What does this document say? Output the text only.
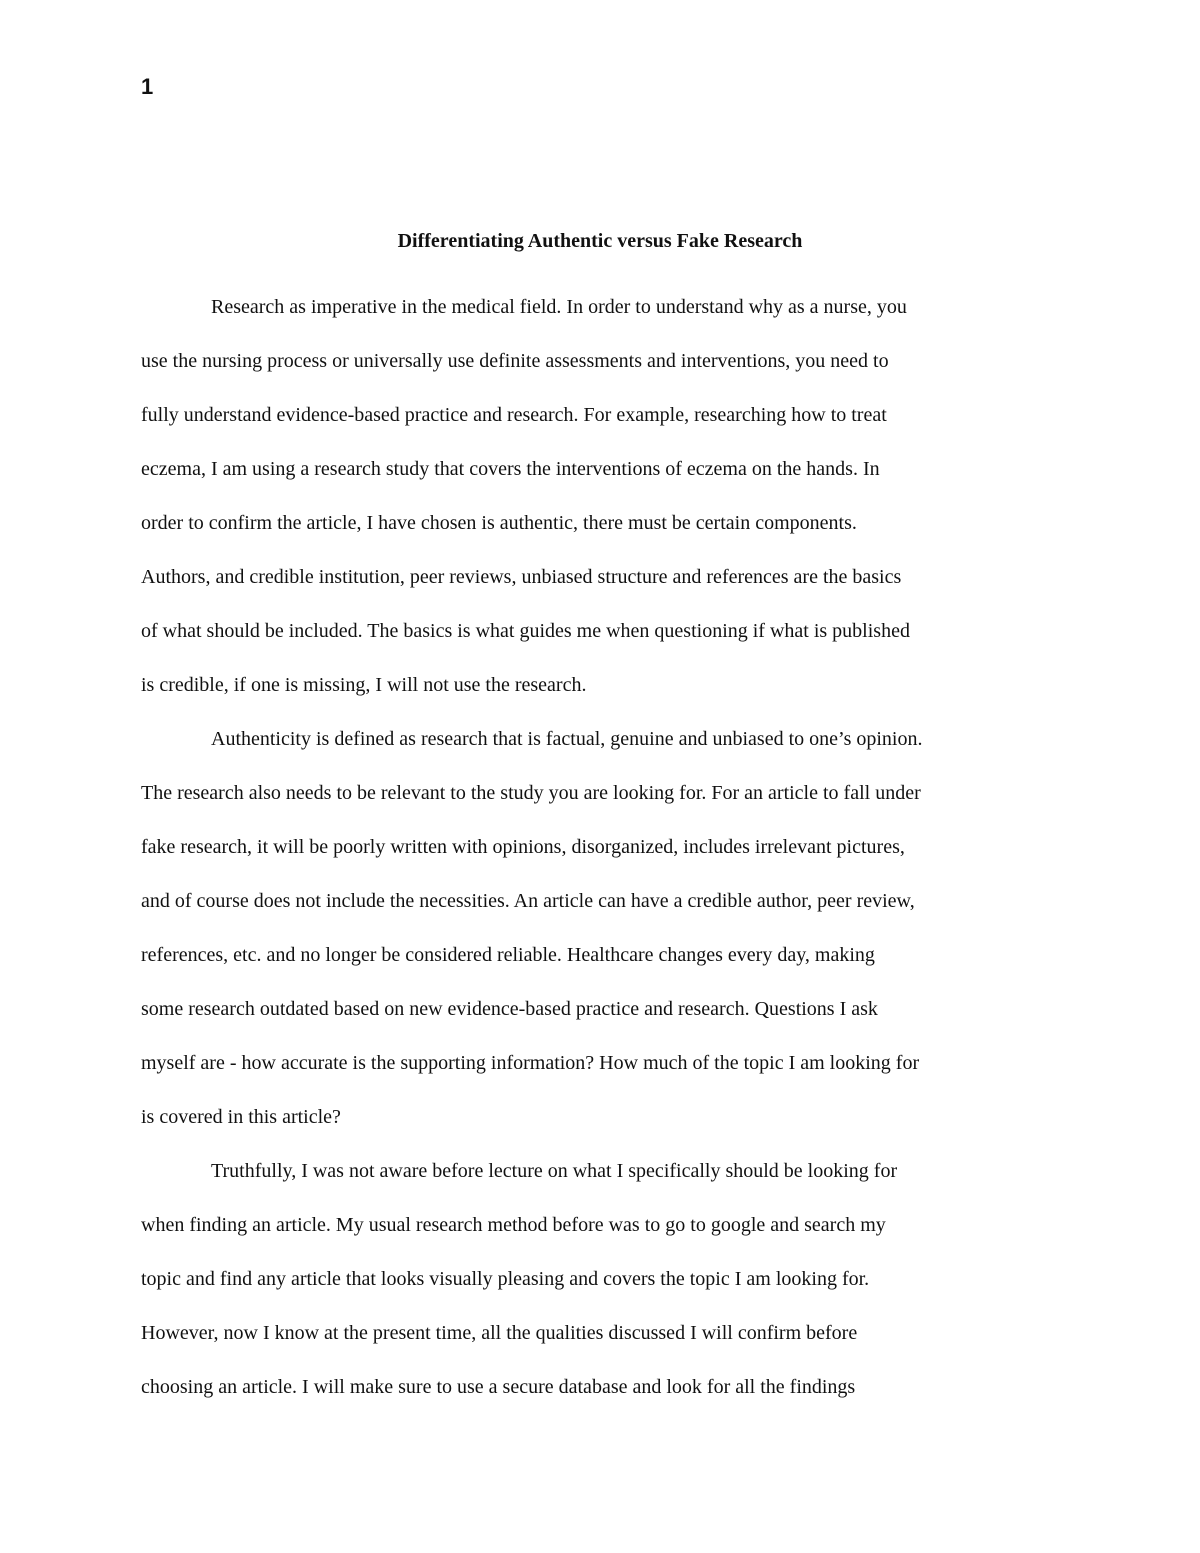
1

Differentiating Authentic versus Fake Research

Research as imperative in the medical field. In order to understand why as a nurse, you
use the nursing process or universally use definite assessments and interventions, you need to
fully understand evidence-based practice and research. For example, researching how to treat
eczema, I am using a research study that covers the interventions of eczema on the hands. In
order to confirm the article, I have chosen is authentic, there must be certain components.
Authors, and credible institution, peer reviews, unbiased structure and references are the basics
of what should be included. The basics is what guides me when questioning if what is published
is credible, if one is missing, I will not use the research.

Authenticity is defined as research that is factual, genuine and unbiased to one’s opinion.
The research also needs to be relevant to the study you are looking for. For an article to fall under
fake research, it will be poorly written with opinions, disorganized, includes irrelevant pictures,
and of course does not include the necessities. An article can have a credible author, peer review,
references, etc. and no longer be considered reliable. Healthcare changes every day, making
some research outdated based on new evidence-based practice and research. Questions I ask
myself are - how accurate is the supporting information? How much of the topic I am looking for
is covered in this article?

Truthfully, I was not aware before lecture on what I specifically should be looking for
when finding an article. My usual research method before was to go to google and search my
topic and find any article that looks visually pleasing and covers the topic I am looking for.
However, now I know at the present time, all the qualities discussed I will confirm before
choosing an article. I will make sure to use a secure database and look for all the findings
